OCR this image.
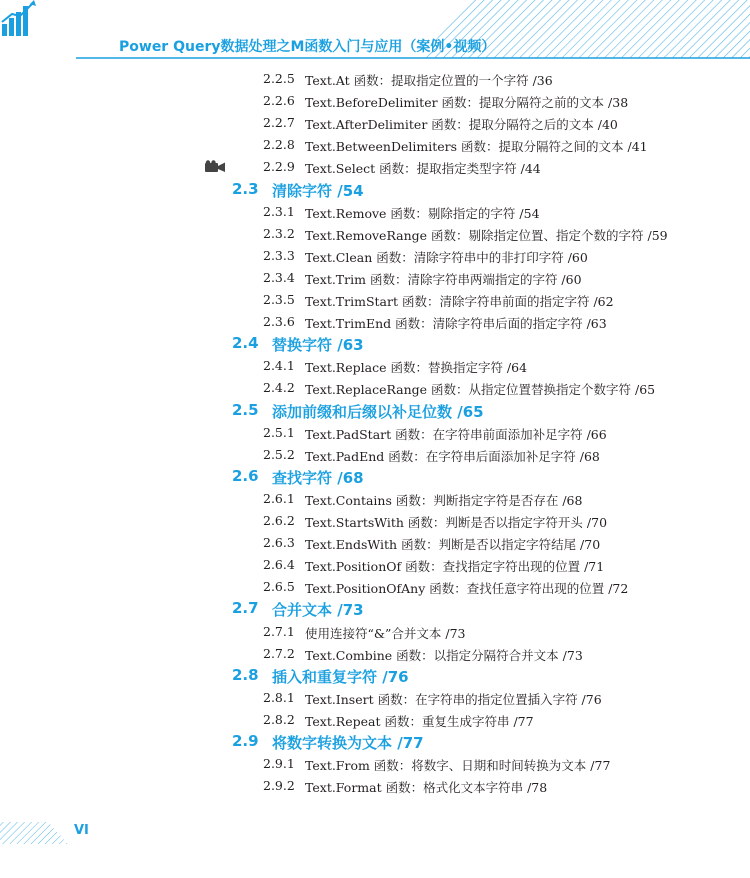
Power Query数据处理之M函数入门与应用（案例•视频）
2.2.5 Text.At 函数：提取指定位置的一个字符 /36
2.2.6 Text.BeforeDelimiter 函数：提取分隔符之前的文本 /38
2.2.7 Text.AfterDelimiter 函数：提取分隔符之后的文本 /40
2.2.8 Text.BetweenDelimiters 函数：提取分隔符之间的文本 /41
2.2.9 Text.Select 函数：提取指定类型字符 /44
2.3 清除字符 /54
2.3.1 Text.Remove 函数：剔除指定的字符 /54
2.3.2 Text.RemoveRange 函数：剔除指定位置、指定个数的字符 /59
2.3.3 Text.Clean 函数：清除字符串中的非打印字符 /60
2.3.4 Text.Trim 函数：清除字符串两端指定的字符 /60
2.3.5 Text.TrimStart 函数：清除字符串前面的指定字符 /62
2.3.6 Text.TrimEnd 函数：清除字符串后面的指定字符 /63
2.4 替换字符 /63
2.4.1 Text.Replace 函数：替换指定字符 /64
2.4.2 Text.ReplaceRange 函数：从指定位置替换指定个数字符 /65
2.5 添加前缀和后缀以补足位数 /65
2.5.1 Text.PadStart 函数：在字符串前面添加补足字符 /66
2.5.2 Text.PadEnd 函数：在字符串后面添加补足字符 /68
2.6 查找字符 /68
2.6.1 Text.Contains 函数：判断指定字符是否存在 /68
2.6.2 Text.StartsWith 函数：判断是否以指定字符开头 /70
2.6.3 Text.EndsWith 函数：判断是否以指定字符结尾 /70
2.6.4 Text.PositionOf 函数：查找指定字符出现的位置 /71
2.6.5 Text.PositionOfAny 函数：查找任意字符出现的位置 /72
2.7 合并文本 /73
2.7.1 使用连接符“&”合并文本 /73
2.7.2 Text.Combine 函数：以指定分隔符合并文本 /73
2.8 插入和重复字符 /76
2.8.1 Text.Insert 函数：在字符串的指定位置插入字符 /76
2.8.2 Text.Repeat 函数：重复生成字符串 /77
2.9 将数字转换为文本 /77
2.9.1 Text.From 函数：将数字、日期和时间转换为文本 /77
2.9.2 Text.Format 函数：格式化文本字符串 /78
VI
